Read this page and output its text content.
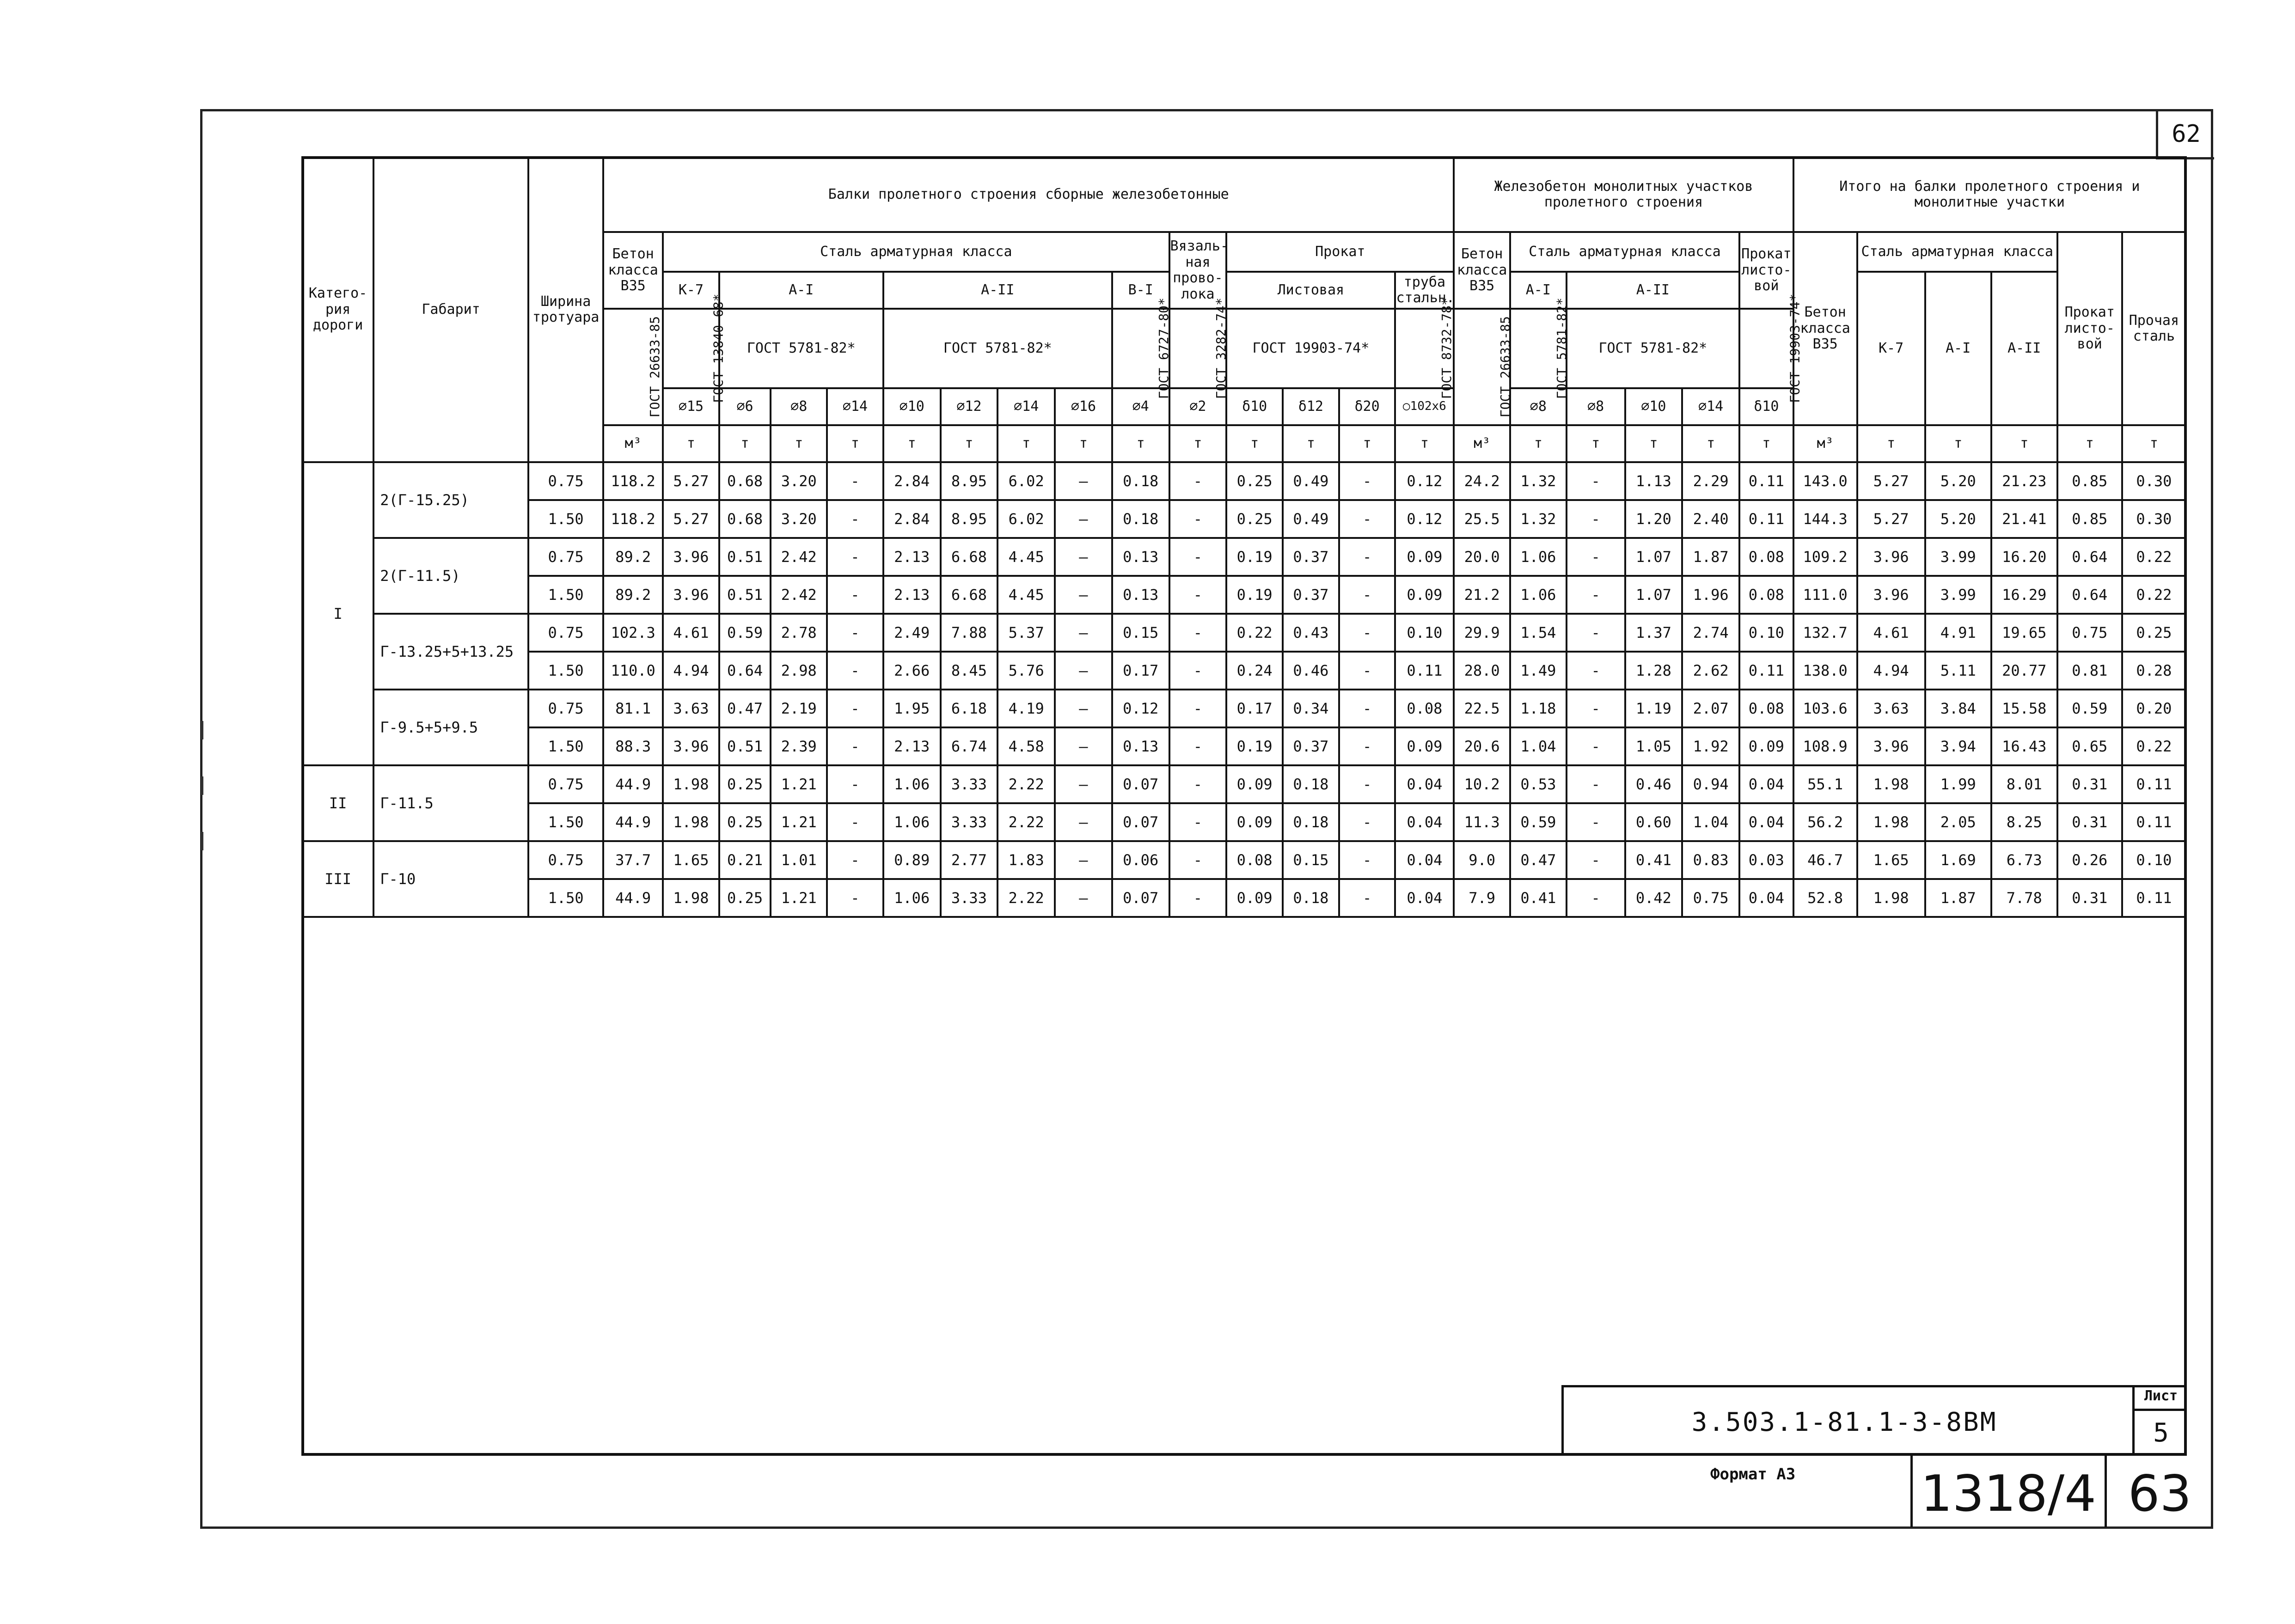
62
Катего-рия дороги	Габарит	Ширина тротуара	Балки пролетного строения сборные железобетонные															Железобетон монолитных участков пролетного строения						Итого на балки пролетного строения и монолитные участки					
			Бетон класса В35	Сталь арматурная класса									Вязаль-ная прово-лока	Прокат				Бетон класса В35	Сталь арматурная класса				Прокат листо-вой	Бетон класса В35	Сталь арматурная класса			Прокат листо-вой	Прочая сталь
				К-7	А-I			А-II				В-I		Листовая			труба стальн.		А-I	А-II					К-7	А-I	А-II		
			ГОСТ 26633-85	ГОСТ 13840-68*	ГОСТ 5781-82*			ГОСТ 5781-82*				ГОСТ 6727-80*	ГОСТ 3282-74*	ГОСТ 19903-74*			ГОСТ 8732-78*	ГОСТ 26633-85	ГОСТ 5781-82*	ГОСТ 5781-82*			ГОСТ 19903-74*						
				⌀15	⌀6	⌀8	⌀14	⌀10	⌀12	⌀14	⌀16	⌀4	⌀2	δ10	δ12	δ20	○102х6		⌀8	⌀8	⌀10	⌀14	δ10						
			м³	т	т	т	т	т	т	т	т	т	т	т	т	т	т	м³	т	т	т	т	т	м³	т	т	т	т	т
I	2(Г-15.25)	0.75	118.2	5.27	0.68	3.20	-	2.84	8.95	6.02	–	0.18	-	0.25	0.49	-	0.12	24.2	1.32	-	1.13	2.29	0.11	143.0	5.27	5.20	21.23	0.85	0.30
		1.50	118.2	5.27	0.68	3.20	-	2.84	8.95	6.02	–	0.18	-	0.25	0.49	-	0.12	25.5	1.32	-	1.20	2.40	0.11	144.3	5.27	5.20	21.41	0.85	0.30
	2(Г-11.5)	0.75	89.2	3.96	0.51	2.42	-	2.13	6.68	4.45	–	0.13	-	0.19	0.37	-	0.09	20.0	1.06	-	1.07	1.87	0.08	109.2	3.96	3.99	16.20	0.64	0.22
		1.50	89.2	3.96	0.51	2.42	-	2.13	6.68	4.45	–	0.13	-	0.19	0.37	-	0.09	21.2	1.06	-	1.07	1.96	0.08	111.0	3.96	3.99	16.29	0.64	0.22
	Г-13.25+5+13.25	0.75	102.3	4.61	0.59	2.78	-	2.49	7.88	5.37	–	0.15	-	0.22	0.43	-	0.10	29.9	1.54	-	1.37	2.74	0.10	132.7	4.61	4.91	19.65	0.75	0.25
		1.50	110.0	4.94	0.64	2.98	-	2.66	8.45	5.76	–	0.17	-	0.24	0.46	-	0.11	28.0	1.49	-	1.28	2.62	0.11	138.0	4.94	5.11	20.77	0.81	0.28
	Г-9.5+5+9.5	0.75	81.1	3.63	0.47	2.19	-	1.95	6.18	4.19	–	0.12	-	0.17	0.34	-	0.08	22.5	1.18	-	1.19	2.07	0.08	103.6	3.63	3.84	15.58	0.59	0.20
		1.50	88.3	3.96	0.51	2.39	-	2.13	6.74	4.58	–	0.13	-	0.19	0.37	-	0.09	20.6	1.04	-	1.05	1.92	0.09	108.9	3.96	3.94	16.43	0.65	0.22
II	Г-11.5	0.75	44.9	1.98	0.25	1.21	-	1.06	3.33	2.22	–	0.07	-	0.09	0.18	-	0.04	10.2	0.53	-	0.46	0.94	0.04	55.1	1.98	1.99	8.01	0.31	0.11
		1.50	44.9	1.98	0.25	1.21	-	1.06	3.33	2.22	–	0.07	-	0.09	0.18	-	0.04	11.3	0.59	-	0.60	1.04	0.04	56.2	1.98	2.05	8.25	0.31	0.11
III	Г-10	0.75	37.7	1.65	0.21	1.01	-	0.89	2.77	1.83	–	0.06	-	0.08	0.15	-	0.04	9.0	0.47	-	0.41	0.83	0.03	46.7	1.65	1.69	6.73	0.26	0.10
		1.50	44.9	1.98	0.25	1.21	-	1.06	3.33	2.22	–	0.07	-	0.09	0.18	-	0.04	7.9	0.41	-	0.42	0.75	0.04	52.8	1.98	1.87	7.78	0.31	0.11
3.503.1-81.1-3-8ВМ
Лист
5
Формат А3	1318/4 63
